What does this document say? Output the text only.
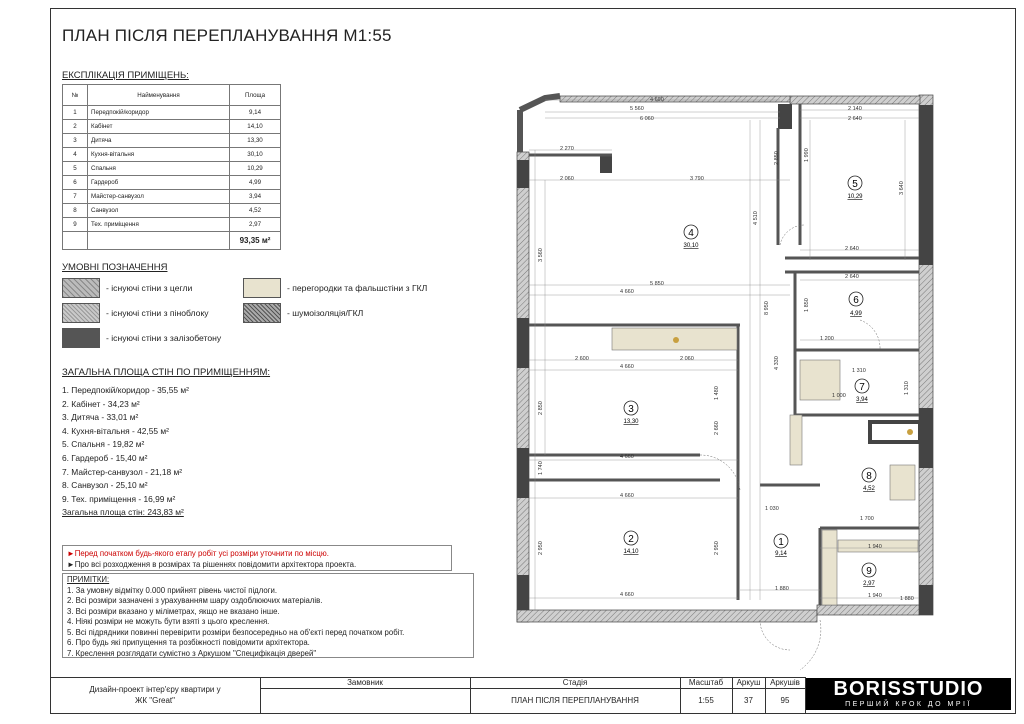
ПЛАН ПІСЛЯ ПЕРЕПЛАНУВАННЯ М1:55
ЕКСПЛІКАЦІЯ ПРИМІЩЕНЬ:
№	Найменування	Площа
1	Передпокій/коридор	9,14
2	Кабінет	14,10
3	Дитяча	13,30
4	Кухня-вітальня	30,10
5	Спальня	10,29
6	Гардероб	4,99
7	Майстер-санвузол	3,94
8	Санвузол	4,52
9	Тех. приміщення	2,97
		93,35 м²
УМОВНІ ПОЗНАЧЕННЯ
- існуючі стіни з цегли
- існуючі стіни з піноблоку
- існуючі стіни з залізобетону
- перегородки та фальшстіни з ГКЛ
- шумоізоляція/ГКЛ
ЗАГАЛЬНА ПЛОЩА СТІН ПО ПРИМІЩЕННЯМ:
1. Передпокій/коридор - 35,55 м²
2. Кабінет - 34,23 м²
3. Дитяча - 33,01 м²
4. Кухня-вітальня - 42,55 м²
5. Спальня - 19,82 м²
6. Гардероб - 15,40 м²
7. Майстер-санвузол - 21,18 м²
8. Санвузол - 25,10 м²
9. Тех. приміщення - 16,99 м²
Загальна площа стін: 243,83 м²
►Перед початком будь-якого етапу робіт усі розміри уточнити по місцю.
►Про всі розходження в розмірах та рішеннях повідомити архітектора проекта.
ПРИМІТКИ:
1. За умовну відмітку 0.000 прийнят рівень чистої підлоги.
2. Всі розміри зазначені з урахуванням шару оздоблюючих матеріалів.
3. Всі розміри вказано у міліметрах, якщо не вказано інше.
4. Ніякі розміри не можуть бути взяті з цього креслення.
5. Всі підрядники повинні перевірити розміри безпосередньо на об'єкті перед початком робіт.
6. Про будь які припущення та розбіжності повідомити архітектора.
7. Креслення розглядати сумістно з Аркушом "Специфікація дверей"
4 690
5 560
6 060
2 140
2 640
2 270
2 060	3 790
5 850
4 660
2 600	2 060
2 640
1 200
1 030
1 700
1 880
1 940
4 660
4 660
4 660
4 660	1 940
2 640
1 310
1 000
1 880
3 560
4 510
2 950
2 850
1 990
3 640
1 850
4 330
8 950
2 660
2 950
1 480
1 740
1 310
2 850
1
9,14
2
14,10
3
13,30
4
30,10
5
10,29
6
4,99
7
3,94
8
4,52
9
2,97
Дизайн-проект інтер'єру квартири у
ЖК "Great"
Замовник	Стадія
ПЛАН ПІСЛЯ ПЕРЕПЛАНУВАННЯ
Масштаб
1:55
Аркуш
37
Аркушів
95
BORISSTUDIO
ПЕРШИЙ КРОК ДО МРІЇ
